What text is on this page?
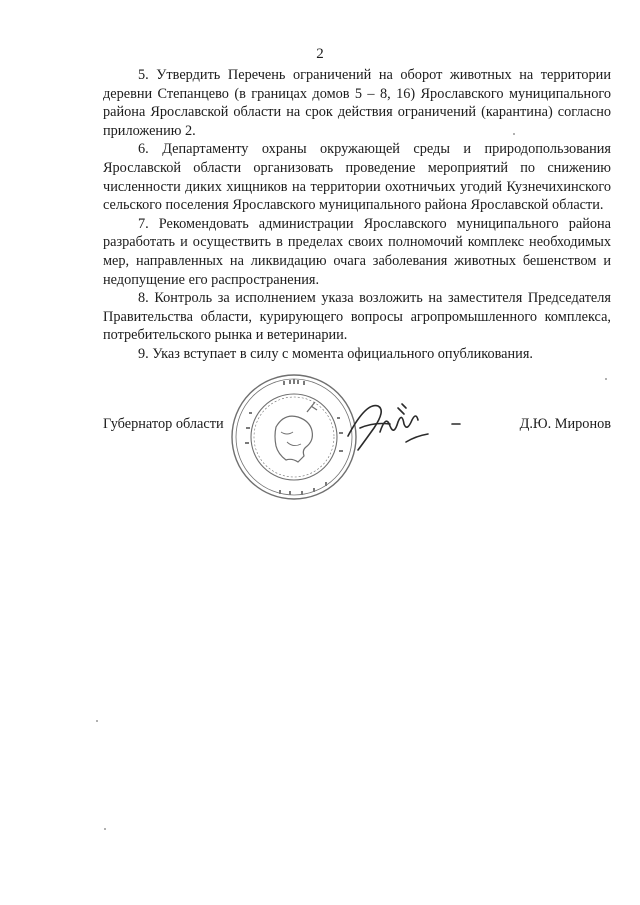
2

5. Утвердить Перечень ограничений на оборот животных на территории деревни Степанцево (в границах домов 5 – 8, 16) Ярославского муниципального района Ярославской области на срок действия ограничений (карантина) согласно приложению 2.

6. Департаменту охраны окружающей среды и природопользования Ярославской области организовать проведение мероприятий по снижению численности диких хищников на территории охотничьих угодий Кузнечихинского сельского поселения Ярославского муниципального района Ярославской области.

7. Рекомендовать администрации Ярославского муниципального района разработать и осуществить в пределах своих полномочий комплекс необходимых мер, направленных на ликвидацию очага заболевания животных бешенством и недопущение его распространения.

8. Контроль за исполнением указа возложить на заместителя Председателя Правительства области, курирующего вопросы агропромышленного комплекса, потребительского рынка и ветеринарии.

9. Указ вступает в силу с момента официального опубликования.

Губернатор области	Д.Ю. Миронов
